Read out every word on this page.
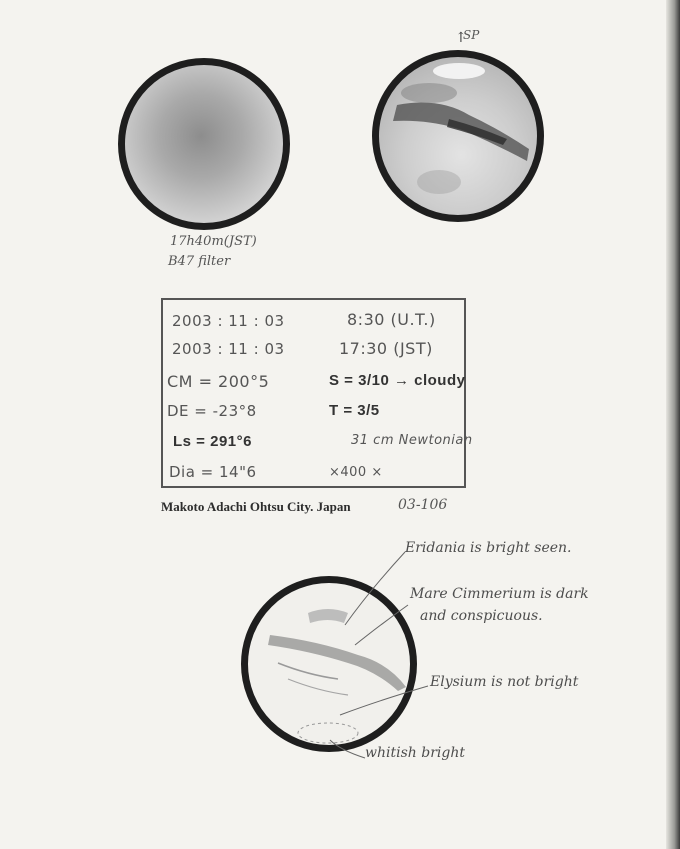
17h40m(JST)
B47 filter
↑
SP
2003 : 11 : 03	8:30 (U.T.)
2003 : 11 : 03	17:30 (JST)
CM = 200°5	S = 3/10 → cloudy
DE = -23°8	T = 3/5
Ls = 291°6	31 cm Newtonian
Dia = 14"6	×400 ×
Makoto Adachi Ohtsu City. Japan	03-106
Eridania is bright seen.
Mare Cimmerium is dark
and conspicuous.
Elysium is not bright
whitish bright
